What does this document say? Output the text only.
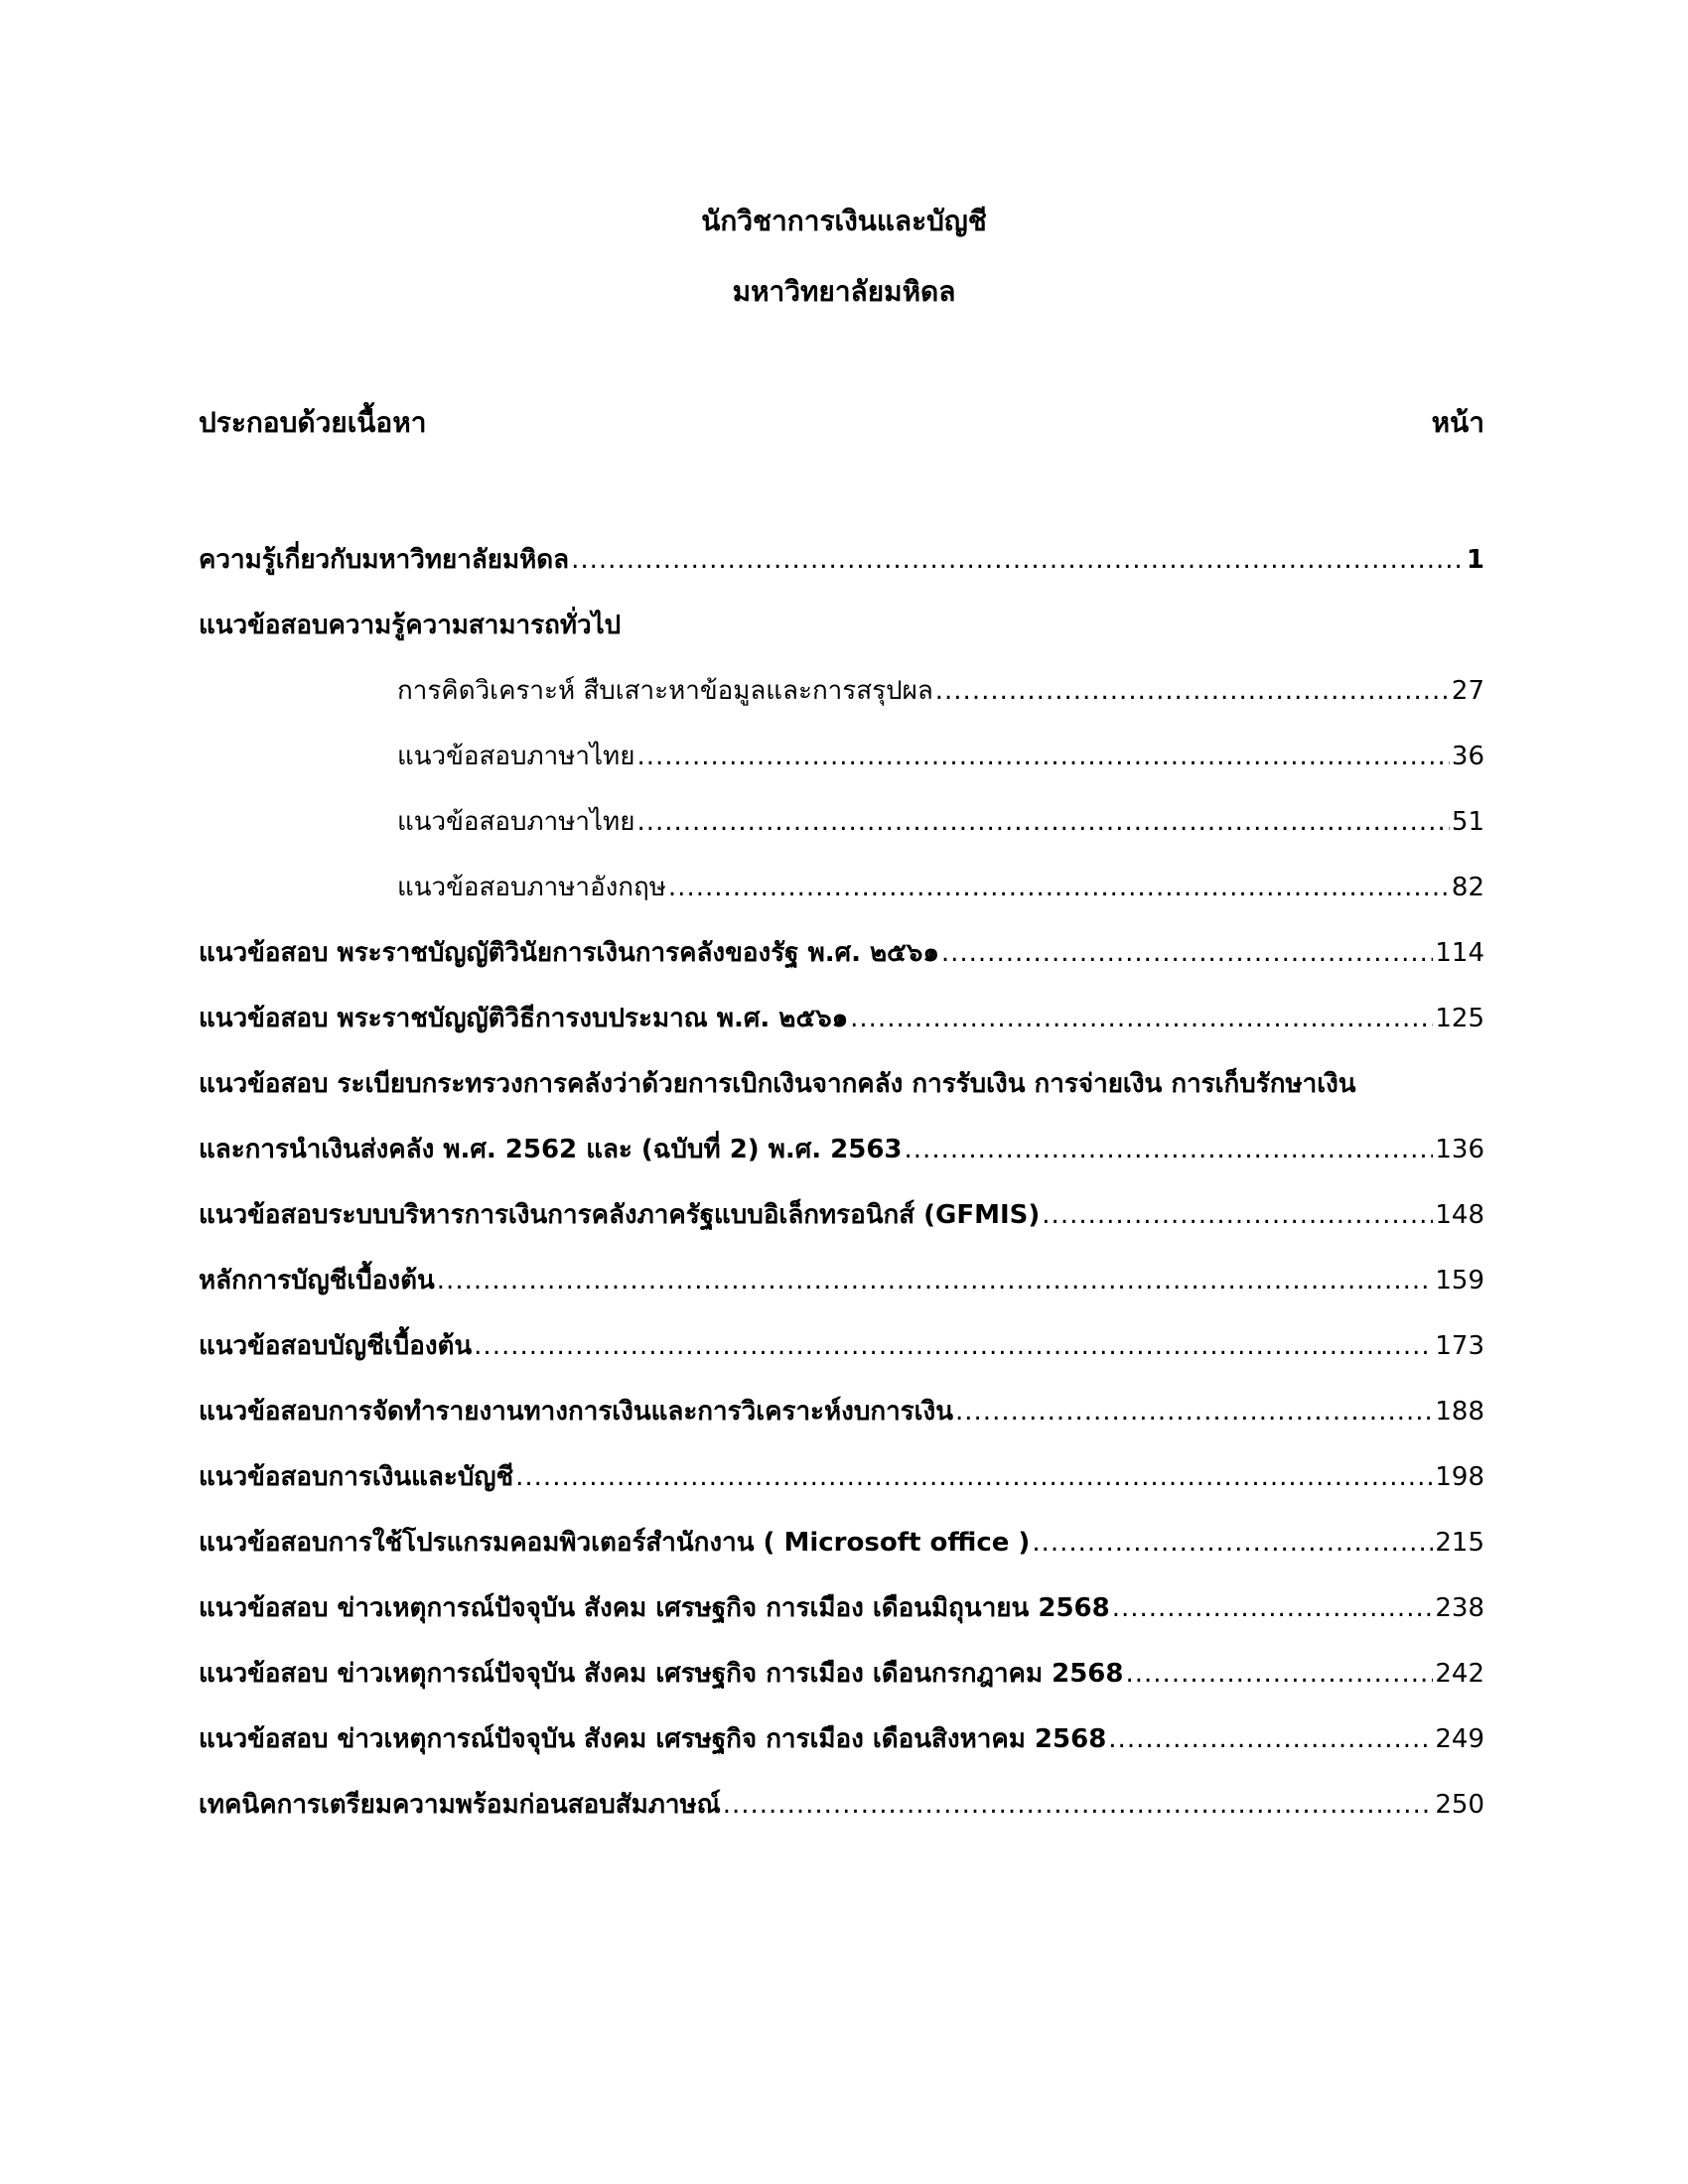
นักวิชาการเงินและบัญชี
มหาวิทยาลัยมหิดล
ประกอบด้วยเนื้อหา	หน้า
ความรู้เกี่ยวกับมหาวิทยาลัยมหิดล .....	1
แนวข้อสอบความรู้ความสามารถทั่วไป
การคิดวิเคราะห์ สืบเสาะหาข้อมูลและการสรุปผล .....	27
แนวข้อสอบภาษาไทย .....	36
แนวข้อสอบภาษาไทย .....	51
แนวข้อสอบภาษาอังกฤษ .....	82
แนวข้อสอบ พระราชบัญญัติวินัยการเงินการคลังของรัฐ พ.ศ. ๒๕๖๑ .....	114
แนวข้อสอบ พระราชบัญญัติวิธีการงบประมาณ พ.ศ. ๒๕๖๑ .....	125
แนวข้อสอบ ระเบียบกระทรวงการคลังว่าด้วยการเบิกเงินจากคลัง การรับเงิน การจ่ายเงิน การเก็บรักษาเงิน
และการนำเงินส่งคลัง พ.ศ. 2562 และ (ฉบับที่ 2) พ.ศ. 2563 .....	136
แนวข้อสอบระบบบริหารการเงินการคลังภาครัฐแบบอิเล็กทรอนิกส์ (GFMIS) .....	148
หลักการบัญชีเบื้องต้น .....	159
แนวข้อสอบบัญชีเบื้องต้น .....	173
แนวข้อสอบการจัดทำรายงานทางการเงินและการวิเคราะห์งบการเงิน .....	188
แนวข้อสอบการเงินและบัญชี .....	198
แนวข้อสอบการใช้โปรแกรมคอมพิวเตอร์สำนักงาน ( Microsoft office ) .....	215
แนวข้อสอบ ข่าวเหตุการณ์ปัจจุบัน สังคม เศรษฐกิจ การเมือง เดือนมิถุนายน 2568 .....	238
แนวข้อสอบ ข่าวเหตุการณ์ปัจจุบัน สังคม เศรษฐกิจ การเมือง เดือนกรกฎาคม 2568 .....	242
แนวข้อสอบ ข่าวเหตุการณ์ปัจจุบัน สังคม เศรษฐกิจ การเมือง เดือนสิงหาคม 2568 .....	249
เทคนิคการเตรียมความพร้อมก่อนสอบสัมภาษณ์ .....	250
